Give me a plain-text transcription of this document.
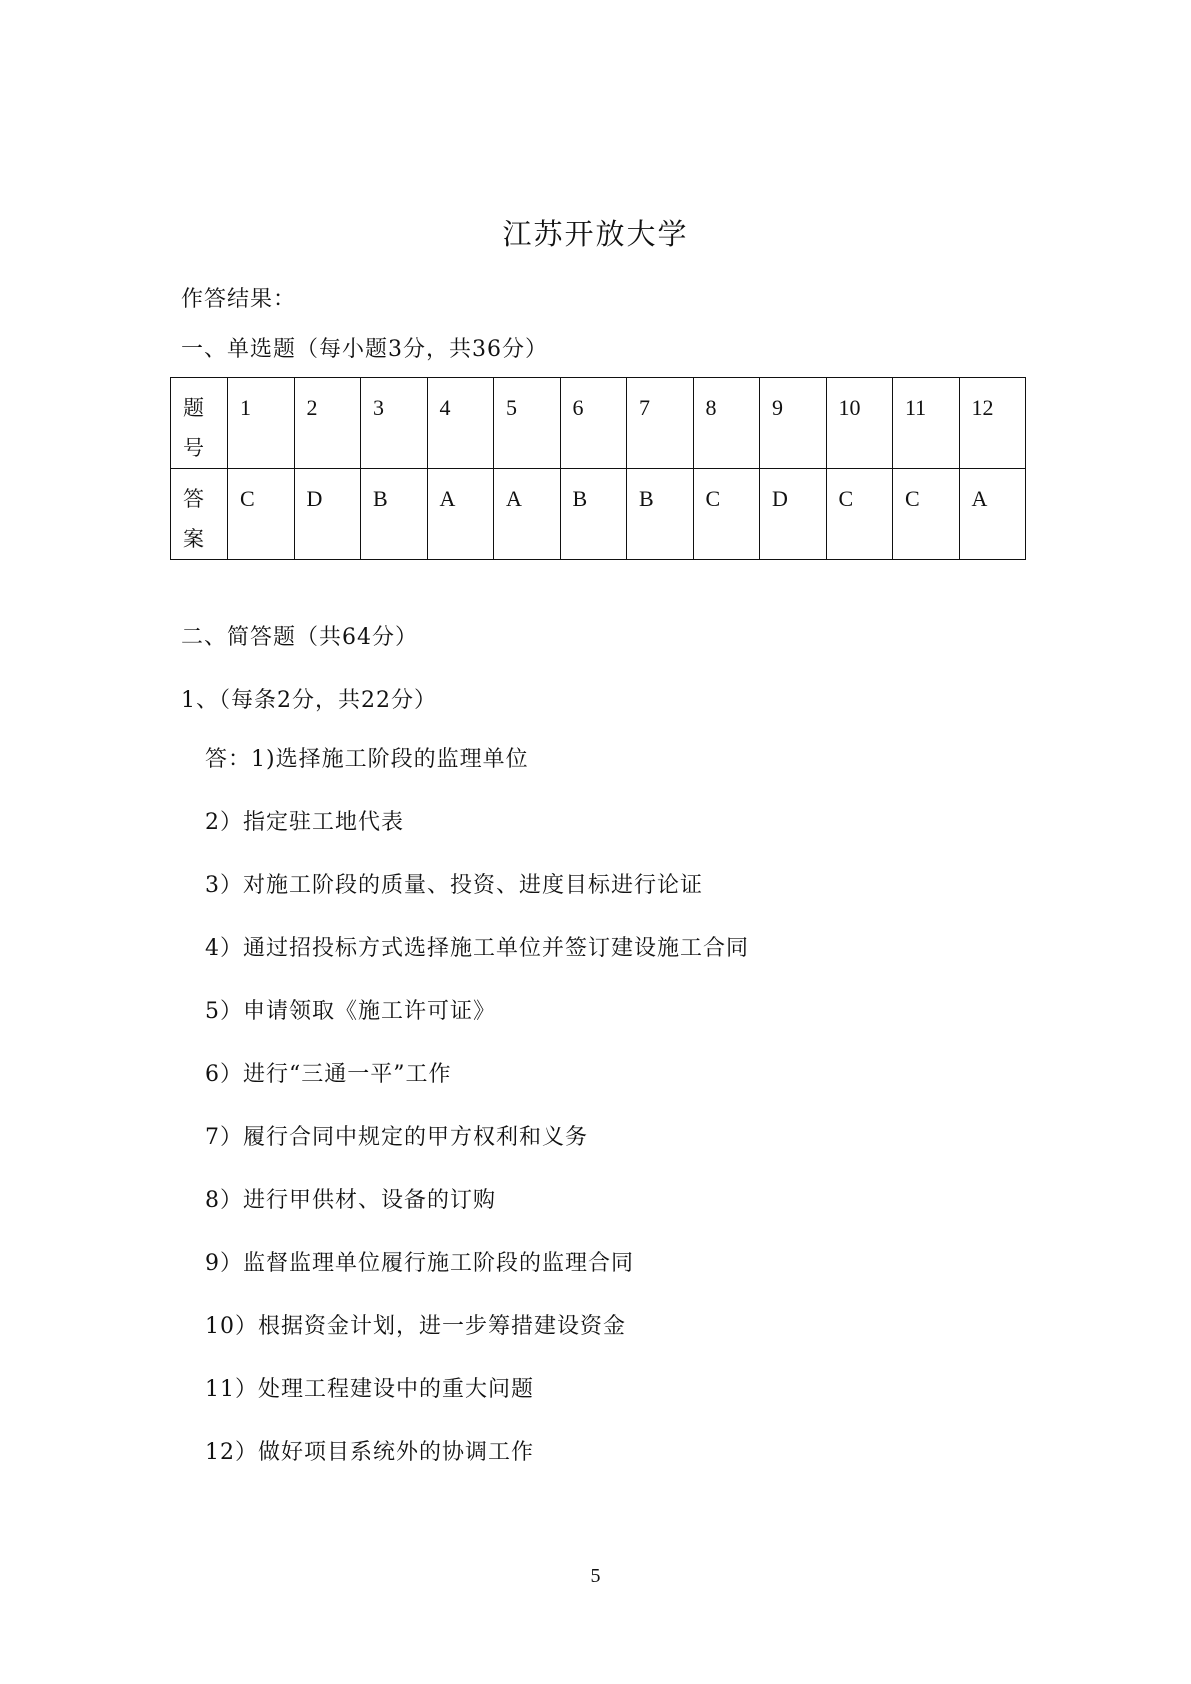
江苏开放大学
作答结果：
一、单选题（每小题3分，共36分）
题
号	1	2	3	4	5	6	7	8	9	10	11	12
答
案	C	D	B	A	A	B	B	C	D	C	C	A
二、简答题（共64分）
1、（每条2分，共22分）
答：1)选择施工阶段的监理单位
2）指定驻工地代表
3）对施工阶段的质量、投资、进度目标进行论证
4）通过招投标方式选择施工单位并签订建设施工合同
5）申请领取《施工许可证》
6）进行“三通一平”工作
7）履行合同中规定的甲方权利和义务
8）进行甲供材、设备的订购
9）监督监理单位履行施工阶段的监理合同
10）根据资金计划，进一步筹措建设资金
11）处理工程建设中的重大问题
12）做好项目系统外的协调工作
5
